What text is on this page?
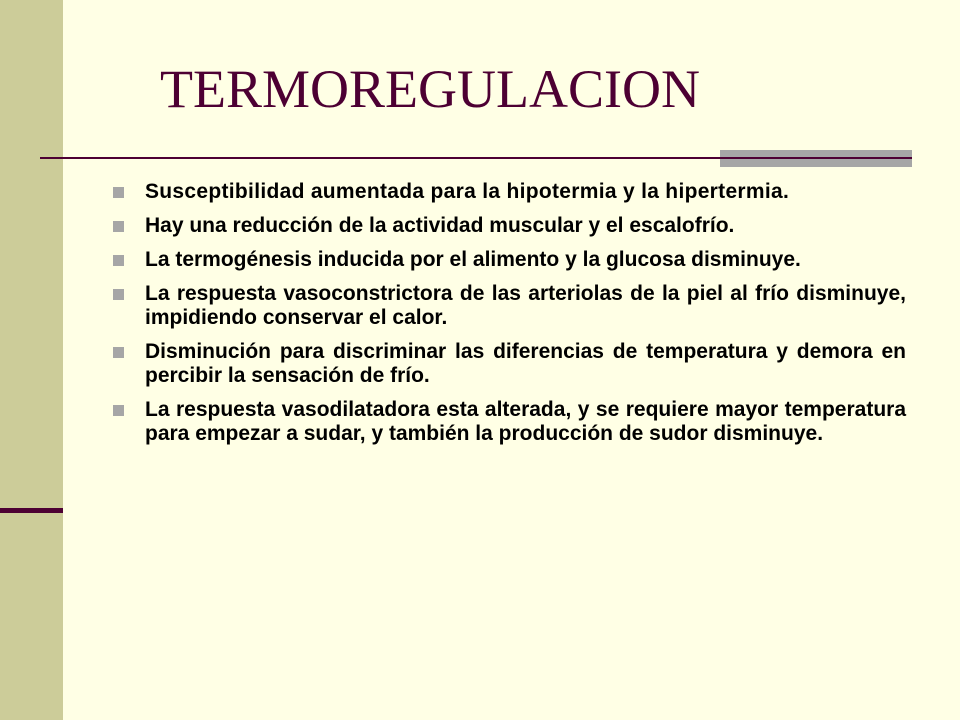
TERMOREGULACION
Susceptibilidad aumentada para la hipotermia y la hipertermia.
Hay una reducción de la actividad muscular y el escalofrío.
La termogénesis inducida por el alimento y la glucosa disminuye.
La respuesta vasoconstrictora de las arteriolas de la piel al frío disminuye, impidiendo conservar el calor.
Disminución para discriminar las diferencias de temperatura y demora en percibir la sensación de frío.
La respuesta vasodilatadora esta alterada, y se requiere mayor temperatura para empezar a sudar, y también la producción de sudor disminuye.
